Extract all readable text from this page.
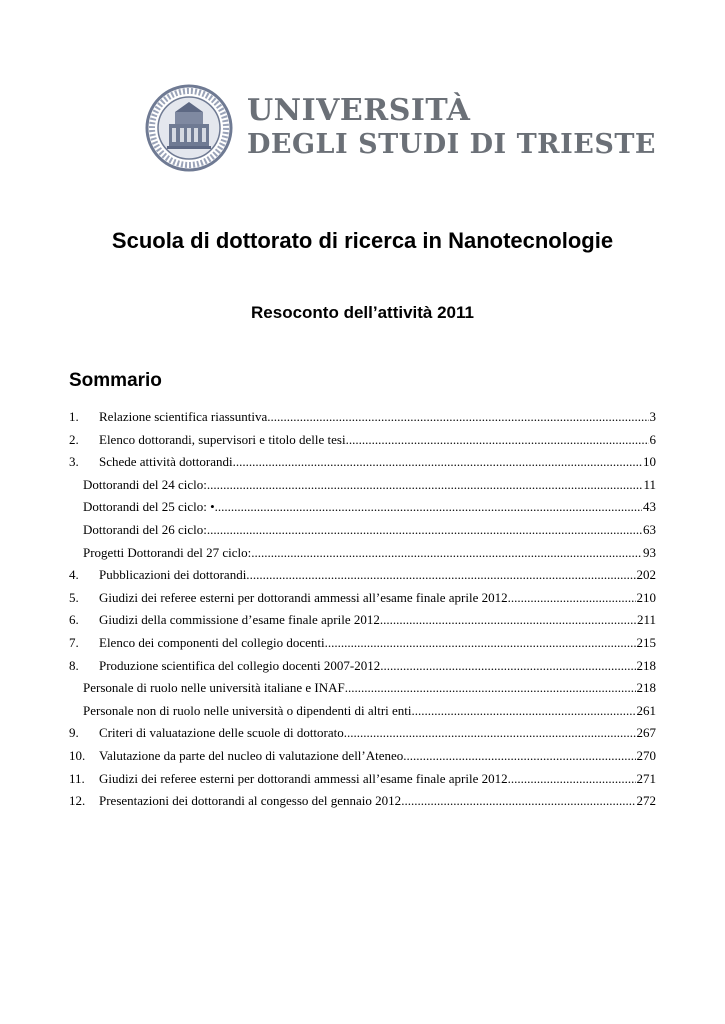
UNIVERSITÀ
DEGLI STUDI DI TRIESTE
Scuola di dottorato di ricerca in Nanotecnologie
Resoconto dell’attività 2011
Sommario
1.	Relazione scientifica riassuntiva .....	3
2.	Elenco dottorandi, supervisori e titolo delle tesi .....	6
3.	Schede attività dottorandi .....	10
Dottorandi del 24 ciclo: .....	11
Dottorandi del 25 ciclo: • .....	43
Dottorandi del 26 ciclo: .....	63
Progetti Dottorandi del 27 ciclo: .....	93
4.	Pubblicazioni dei dottorandi. .....	202
5.	Giudizi dei referee esterni per dottorandi ammessi all’esame finale aprile 2012 .....	210
6.	Giudizi della commissione d’esame finale aprile 2012 .....	211
7.	Elenco dei componenti del collegio docenti .....	215
8.	Produzione scientifica del collegio docenti 2007-2012 .....	218
Personale di ruolo nelle università italiane e INAF .....	218
Personale non di ruolo nelle università o dipendenti di altri enti .....	261
9.	Criteri di valuatazione delle scuole di dottorato .....	267
10.	Valutazione da parte del nucleo di valutazione dell’Ateneo .....	270
11.	Giudizi dei referee esterni per dottorandi ammessi all’esame finale aprile 2012 .....	271
12.	Presentazioni dei dottorandi al congesso del gennaio 2012 .....	272
